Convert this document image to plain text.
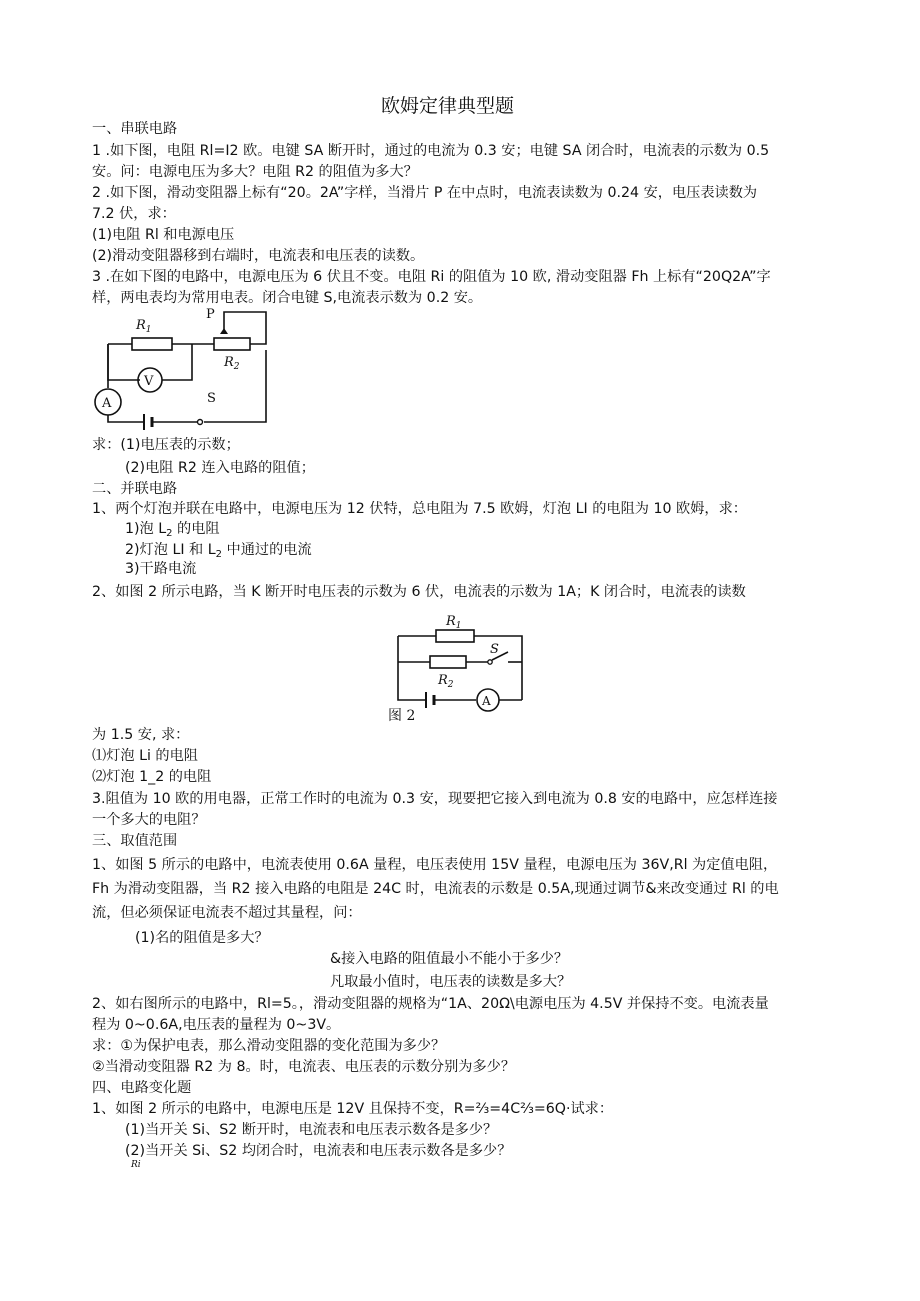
欧姆定律典型题
一、串联电路
1 .如下图，电阻 Rl=I2 欧。电键 SA 断开时，通过的电流为 0.3 安；电键 SA 闭合时，电流表的示数为 0.5
安。问：电源电压为多大？电阻 R2 的阻值为多大？
2 .如下图，滑动变阻器上标有“20。2A”字样，当滑片 P 在中点时，电流表读数为 0.24 安，电压表读数为
7.2 伏，求：
(1)电阻 Rl 和电源电压
(2)滑动变阻器移到右端时，电流表和电压表的读数。
3 .在如下图的电路中，电源电压为 6 伏且不变。电阻 Ri 的阻值为 10 欧, 滑动变阻器 Fh 上标有“20Q2A”字
样，两电表均为常用电表。闭合电键 S,电流表示数为 0.2 安。
$R_1$
P
$R_2$
V
A	S
求：(1)电压表的示数；
(2)电阻 R2 连入电路的阻值；
二、并联电路
1、两个灯泡并联在电路中，电源电压为 12 伏特，总电阻为 7.5 欧姆，灯泡 LI 的电阻为 10 欧姆，求：
1)泡 $L_2$ 的电阻
2)灯泡 LI 和 $L_2$ 中通过的电流
3)干路电流
2、如图 2 所示电路，当 K 断开时电压表的示数为 6 伏，电流表的示数为 1A；K 闭合时，电流表的读数
$R_1$
S
$R_2$
A
图 2
为 1.5 安, 求：
⑴灯泡 Li 的电阻
⑵灯泡 1_2 的电阻
3.阻值为 10 欧的用电器，正常工作时的电流为 0.3 安，现要把它接入到电流为 0.8 安的电路中，应怎样连接
一个多大的电阻？
三、取值范围
1、如图 5 所示的电路中，电流表使用 0.6A 量程，电压表使用 15V 量程，电源电压为 36V,Rl 为定值电阻，
Fh 为滑动变阻器，当 R2 接入电路的电阻是 24C 时，电流表的示数是 0.5A,现通过调节&来改变通过 Rl 的电
流，但必须保证电流表不超过其量程，问：
(1)名的阻值是多大？
&接入电路的阻值最小不能小于多少？
凡取最小值时，电压表的读数是多大？
2、如右图所示的电路中，Rl=5。，滑动变阻器的规格为“1A、20Ω\电源电压为 4.5V 并保持不变。电流表量
程为 0~0.6A,电压表的量程为 0~3V。
求：①为保护电表，那么滑动变阻器的变化范围为多少？
②当滑动变阻器 R2 为 8。时，电流表、电压表的示数分别为多少？
四、电路变化题
1、如图 2 所示的电路中，电源电压是 12V 且保持不变，R=⅔=4C⅔=6Q·试求：
(1)当开关 Si、S2 断开时，电流表和电压表示数各是多少？
(2)当开关 Si、S2 均闭合时，电流表和电压表示数各是多少？
Ri
